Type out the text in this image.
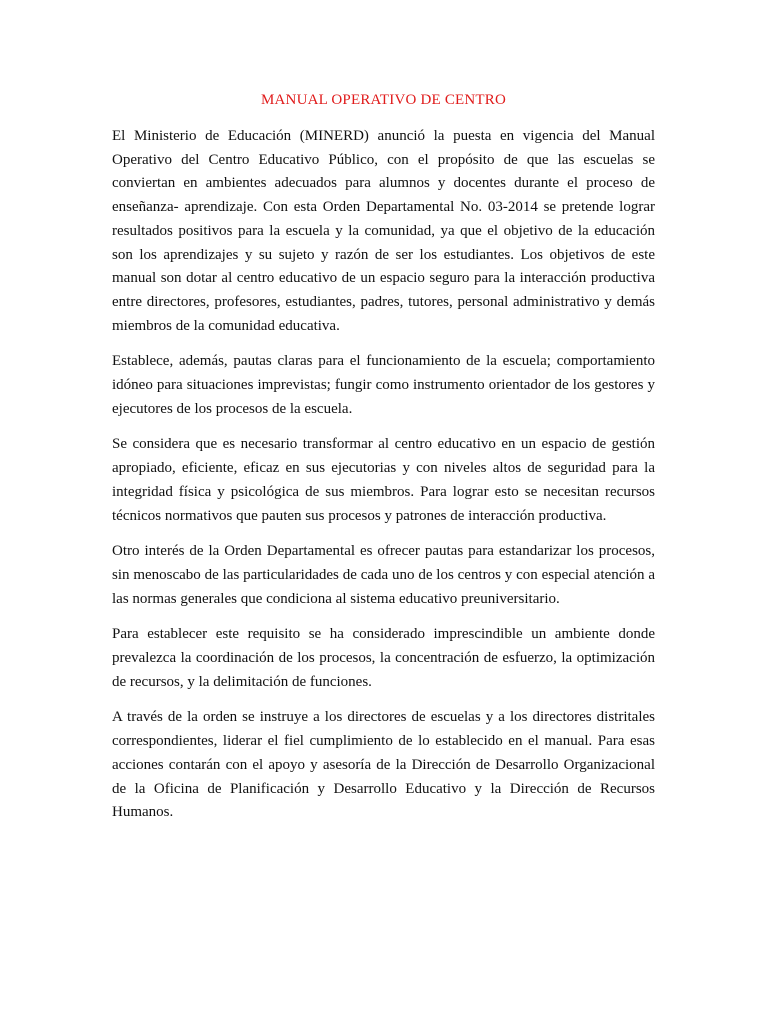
MANUAL OPERATIVO DE CENTRO

El Ministerio de Educación (MINERD) anunció la puesta en vigencia del Manual Operativo del Centro Educativo Público, con el propósito de que las escuelas se conviertan en ambientes adecuados para alumnos y docentes durante el proceso de enseñanza- aprendizaje. Con esta Orden Departamental No. 03-2014 se pretende lograr resultados positivos para la escuela y la comunidad, ya que el objetivo de la educación son los aprendizajes y su sujeto y razón de ser los estudiantes. Los objetivos de este manual son dotar al centro educativo de un espacio seguro para la interacción productiva entre directores, profesores, estudiantes, padres, tutores, personal administrativo y demás miembros de la comunidad educativa.

Establece, además, pautas claras para el funcionamiento de la escuela; comportamiento idóneo para situaciones imprevistas; fungir como instrumento orientador de los gestores y ejecutores de los procesos de la escuela.

Se considera que es necesario transformar al centro educativo en un espacio de gestión apropiado, eficiente, eficaz en sus ejecutorias y con niveles altos de seguridad para la integridad física y psicológica de sus miembros. Para lograr esto se necesitan recursos técnicos normativos que pauten sus procesos y patrones de interacción productiva.

Otro interés de la Orden Departamental es ofrecer pautas para estandarizar los procesos, sin menoscabo de las particularidades de cada uno de los centros y con especial atención a las normas generales que condiciona al sistema educativo preuniversitario.

Para establecer este requisito se ha considerado imprescindible un ambiente donde prevalezca la coordinación de los procesos, la concentración de esfuerzo, la optimización de recursos, y la delimitación de funciones.

A través de la orden se instruye a los directores de escuelas y a los directores distritales correspondientes, liderar el fiel cumplimiento de lo establecido en el manual. Para esas acciones contarán con el apoyo y asesoría de la Dirección de Desarrollo Organizacional de la Oficina de Planificación y Desarrollo Educativo y la Dirección de Recursos Humanos.
